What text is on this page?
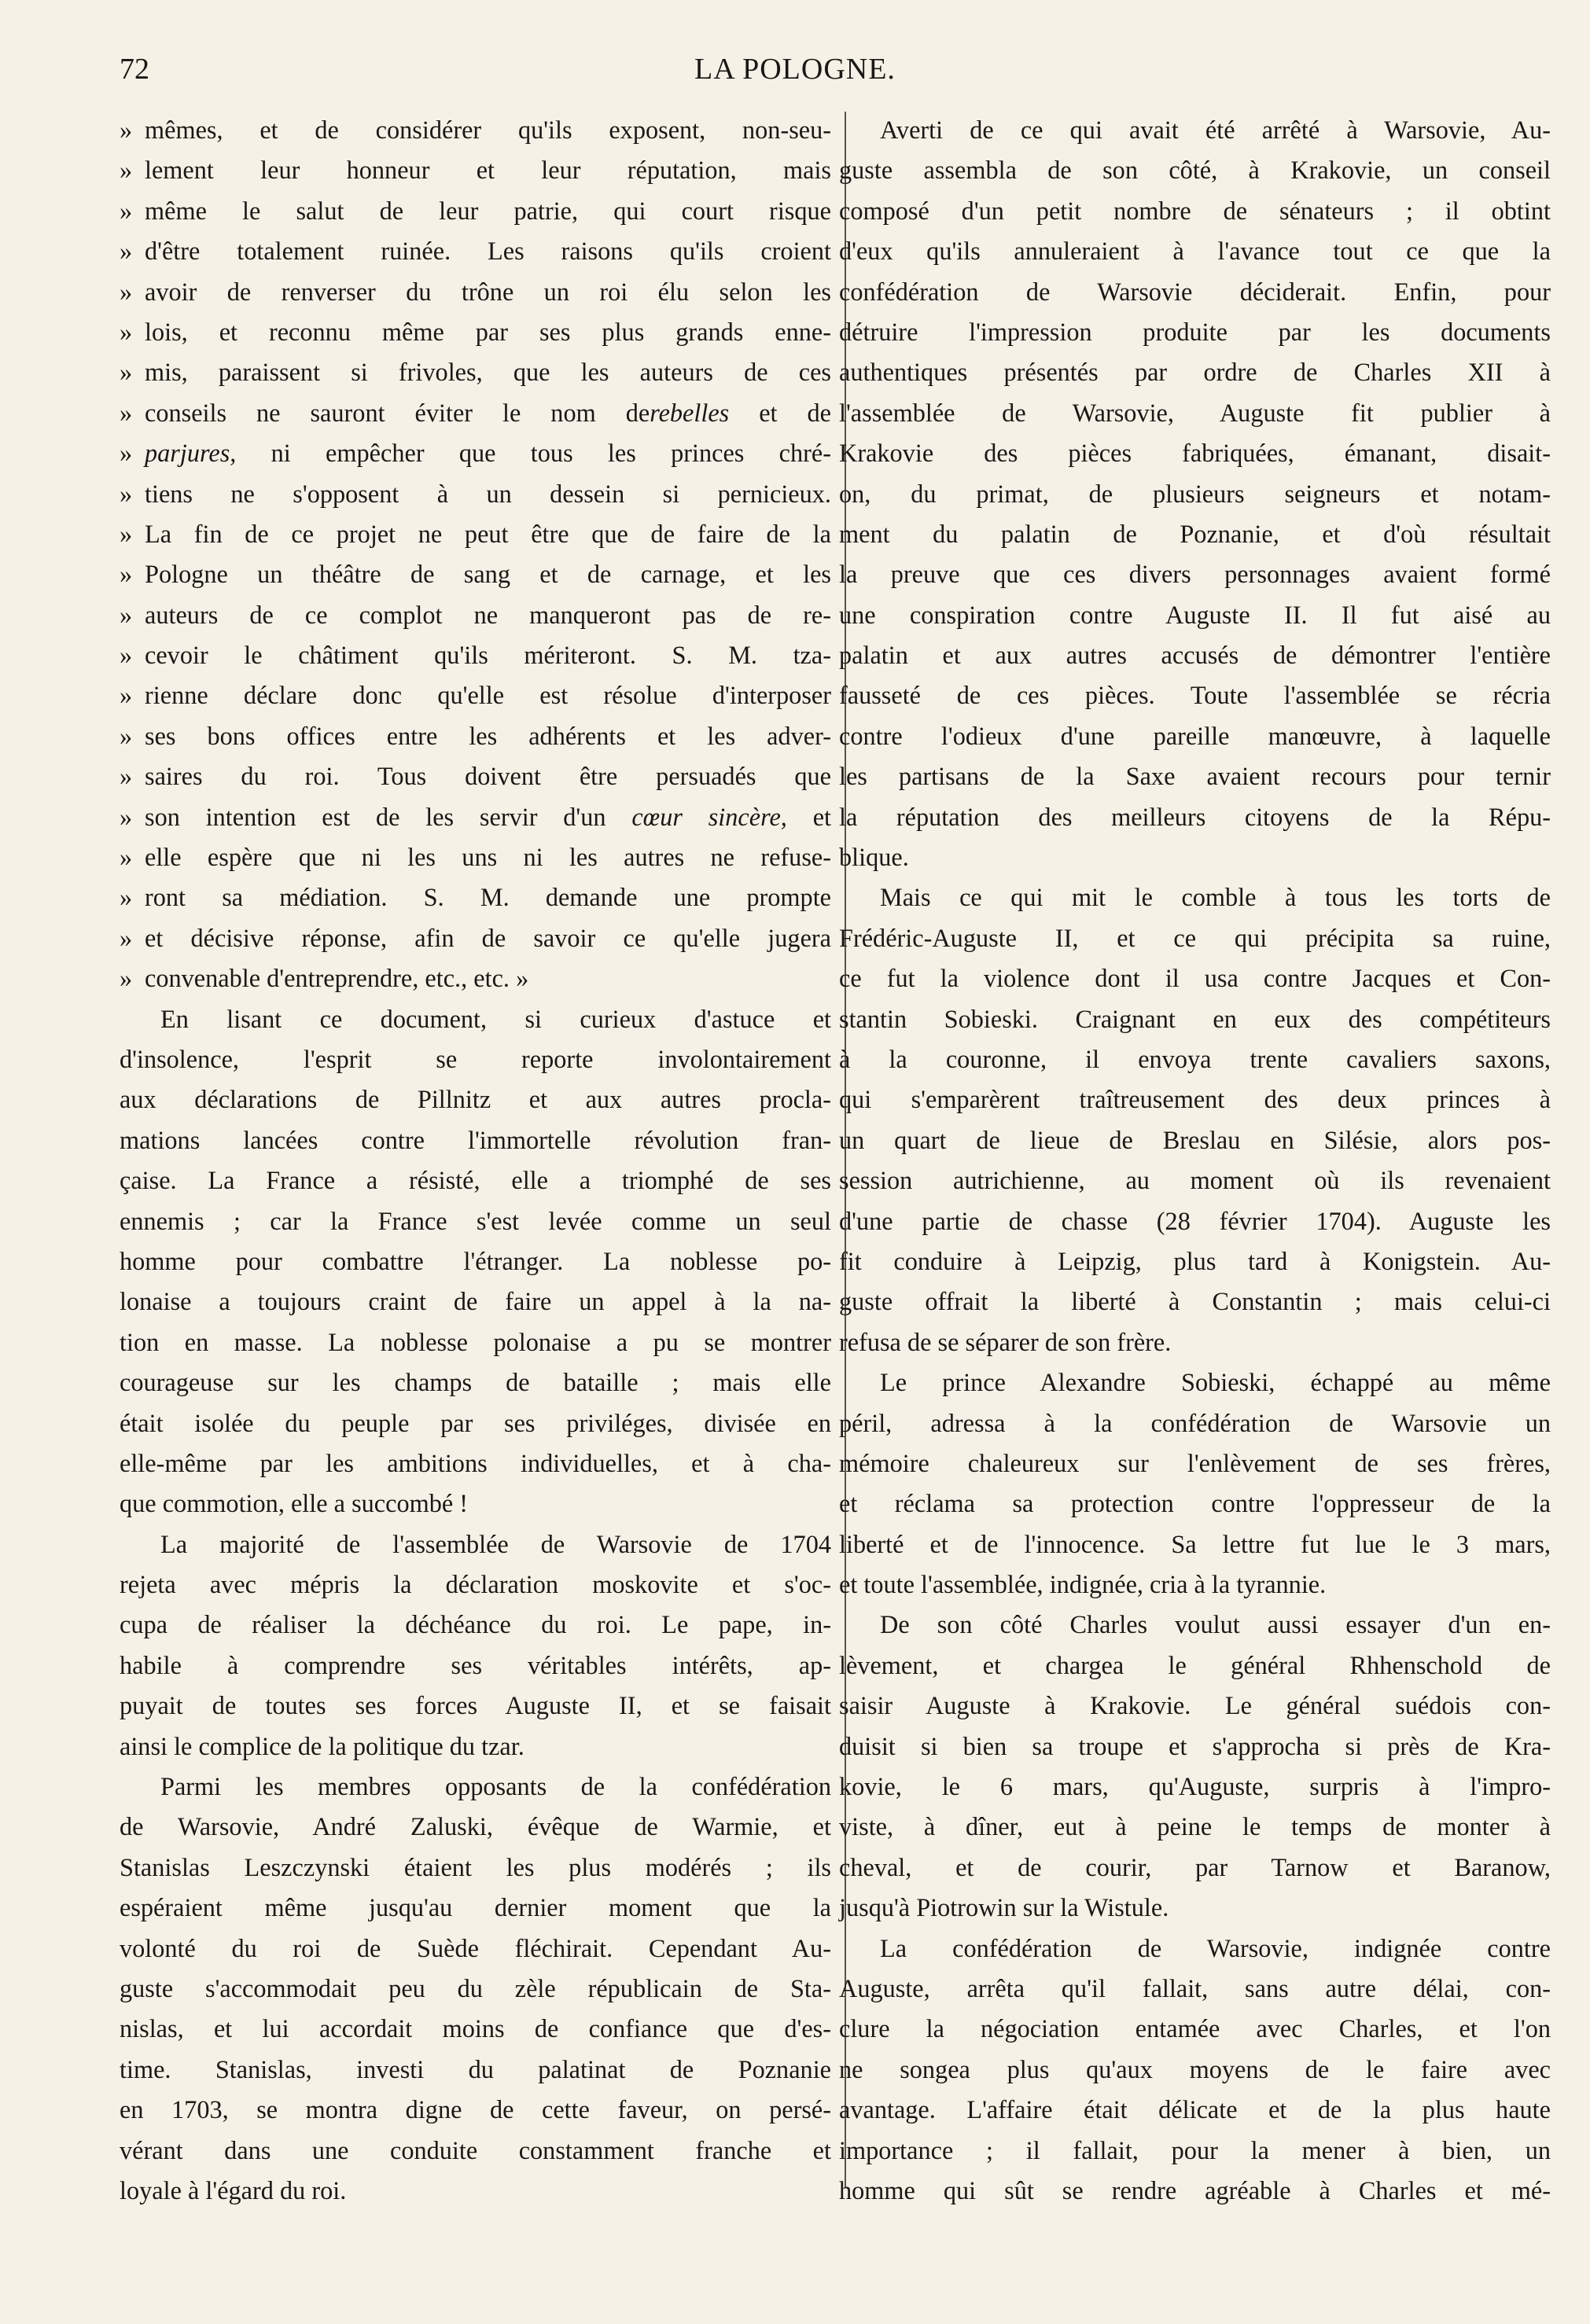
72	LA POLOGNE.
» mêmes, et de considérer qu'ils exposent, non-seu-
» lement leur honneur et leur réputation, mais
» même le salut de leur patrie, qui court risque
» d'être totalement ruinée. Les raisons qu'ils croient
» avoir de renverser du trône un roi élu selon les
» lois, et reconnu même par ses plus grands enne-
» mis, paraissent si frivoles, que les auteurs de ces
» conseils ne sauront éviter le nom derebelles et de
» parjures, ni empêcher que tous les princes chré-
» tiens ne s'opposent à un dessein si pernicieux.
» La fin de ce projet ne peut être que de faire de la
» Pologne un théâtre de sang et de carnage, et les
» auteurs de ce complot ne manqueront pas de re-
» cevoir le châtiment qu'ils mériteront. S. M. tza-
» rienne déclare donc qu'elle est résolue d'interposer
» ses bons offices entre les adhérents et les adver-
» saires du roi. Tous doivent être persuadés que
» son intention est de les servir d'un cœur sincère, et
» elle espère que ni les uns ni les autres ne refuse-
» ront sa médiation. S. M. demande une prompte
» et décisive réponse, afin de savoir ce qu'elle jugera
» convenable d'entreprendre, etc., etc. »
En lisant ce document, si curieux d'astuce et
d'insolence, l'esprit se reporte involontairement
aux déclarations de Pillnitz et aux autres procla-
mations lancées contre l'immortelle révolution fran-
çaise. La France a résisté, elle a triomphé de ses
ennemis ; car la France s'est levée comme un seul
homme pour combattre l'étranger. La noblesse po-
lonaise a toujours craint de faire un appel à la na-
tion en masse. La noblesse polonaise a pu se montrer
courageuse sur les champs de bataille ; mais elle
était isolée du peuple par ses priviléges, divisée en
elle-même par les ambitions individuelles, et à cha-
que commotion, elle a succombé !
La majorité de l'assemblée de Warsovie de 1704
rejeta avec mépris la déclaration moskovite et s'oc-
cupa de réaliser la déchéance du roi. Le pape, in-
habile à comprendre ses véritables intérêts, ap-
puyait de toutes ses forces Auguste II, et se faisait
ainsi le complice de la politique du tzar.
Parmi les membres opposants de la confédération
de Warsovie, André Zaluski, évêque de Warmie, et
Stanislas Leszczynski étaient les plus modérés ; ils
espéraient même jusqu'au dernier moment que la
volonté du roi de Suède fléchirait. Cependant Au-
guste s'accommodait peu du zèle républicain de Sta-
nislas, et lui accordait moins de confiance que d'es-
time. Stanislas, investi du palatinat de Poznanie
en 1703, se montra digne de cette faveur, on persé-
vérant dans une conduite constamment franche et
loyale à l'égard du roi.
Averti de ce qui avait été arrêté à Warsovie, Au-
guste assembla de son côté, à Krakovie, un conseil
composé d'un petit nombre de sénateurs ; il obtint
d'eux qu'ils annuleraient à l'avance tout ce que la
confédération de Warsovie déciderait. Enfin, pour
détruire l'impression produite par les documents
authentiques présentés par ordre de Charles XII à
l'assemblée de Warsovie, Auguste fit publier à
Krakovie des pièces fabriquées, émanant, disait-
on, du primat, de plusieurs seigneurs et notam-
ment du palatin de Poznanie, et d'où résultait
la preuve que ces divers personnages avaient formé
une conspiration contre Auguste II. Il fut aisé au
palatin et aux autres accusés de démontrer l'entière
fausseté de ces pièces. Toute l'assemblée se récria
contre l'odieux d'une pareille manœuvre, à laquelle
les partisans de la Saxe avaient recours pour ternir
la réputation des meilleurs citoyens de la Répu-
blique.
Mais ce qui mit le comble à tous les torts de
Frédéric-Auguste II, et ce qui précipita sa ruine,
ce fut la violence dont il usa contre Jacques et Con-
stantin Sobieski. Craignant en eux des compétiteurs
à la couronne, il envoya trente cavaliers saxons,
qui s'emparèrent traîtreusement des deux princes à
un quart de lieue de Breslau en Silésie, alors pos-
session autrichienne, au moment où ils revenaient
d'une partie de chasse (28 février 1704). Auguste les
fit conduire à Leipzig, plus tard à Konigstein. Au-
guste offrait la liberté à Constantin ; mais celui-ci
refusa de se séparer de son frère.
Le prince Alexandre Sobieski, échappé au même
péril, adressa à la confédération de Warsovie un
mémoire chaleureux sur l'enlèvement de ses frères,
et réclama sa protection contre l'oppresseur de la
liberté et de l'innocence. Sa lettre fut lue le 3 mars,
et toute l'assemblée, indignée, cria à la tyrannie.
De son côté Charles voulut aussi essayer d'un en-
lèvement, et chargea le général Rhhenschold de
saisir Auguste à Krakovie. Le général suédois con-
duisit si bien sa troupe et s'approcha si près de Kra-
kovie, le 6 mars, qu'Auguste, surpris à l'impro-
viste, à dîner, eut à peine le temps de monter à
cheval, et de courir, par Tarnow et Baranow,
jusqu'à Piotrowin sur la Wistule.
La confédération de Warsovie, indignée contre
Auguste, arrêta qu'il fallait, sans autre délai, con-
clure la négociation entamée avec Charles, et l'on
ne songea plus qu'aux moyens de le faire avec
avantage. L'affaire était délicate et de la plus haute
importance ; il fallait, pour la mener à bien, un
homme qui sût se rendre agréable à Charles et mé-
